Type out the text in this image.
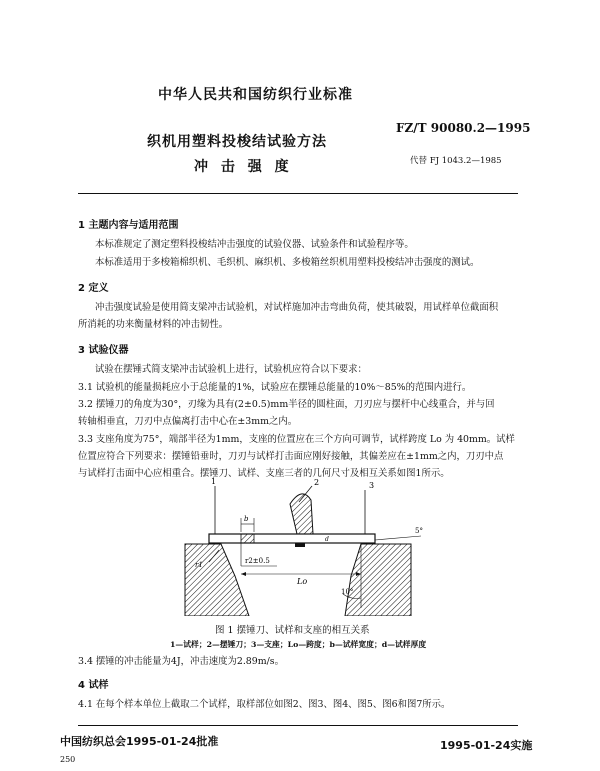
中华人民共和国纺织行业标准
织机用塑料投梭结试验方法
冲 击 强 度
FZ/T 90080.2—1995
代替 FJ 1043.2—1985
1 主题内容与适用范围
本标准规定了测定塑料投梭结冲击强度的试验仪器、试验条件和试验程序等。
本标准适用于多梭箱棉织机、毛织机、麻织机、多梭箱丝织机用塑料投梭结冲击强度的测试。
2 定义
冲击强度试验是使用简支梁冲击试验机，对试样施加冲击弯曲负荷，使其破裂，用试样单位截面积
所消耗的功来衡量材料的冲击韧性。
3 试验仪器
试验在摆锤式简支梁冲击试验机上进行，试验机应符合以下要求：
3.1 试验机的能量损耗应小于总能量的1%，试验应在摆锤总能量的10%～85%的范围内进行。
3.2 摆锤刀的角度为30°，刃缘为具有(2±0.5)mm半径的圆柱面，刀刃应与摆杆中心线重合，并与回
转轴相垂直，刀刃中点偏离打击中心在±3mm之内。
3.3 支座角度为75°，端部半径为1mm，支座的位置应在三个方向可调节，试样跨度 Lo 为 40mm。试样
位置应符合下列要求：摆锤铅垂时，刀刃与试样打击面应刚好接触，其偏差应在±1mm之内，刀刃中点
与试样打击面中心应相重合。摆锤刀、试样、支座三者的几何尺寸及相互关系如图1所示。
1	2	3
b
d
r1	r2±0.5
Lo
5°
10°
图 1 摆锤刀、试样和支座的相互关系
1—试样；2—摆锤刀；3—支座；Lo—跨度；b—试样宽度；d—试样厚度
3.4 摆锤的冲击能量为4J，冲击速度为2.89m/s。
4 试样
4.1 在每个样本单位上截取二个试样，取样部位如图2、图3、图4、图5、图6和图7所示。
中国纺织总会1995-01-24批准	1995-01-24实施
250
